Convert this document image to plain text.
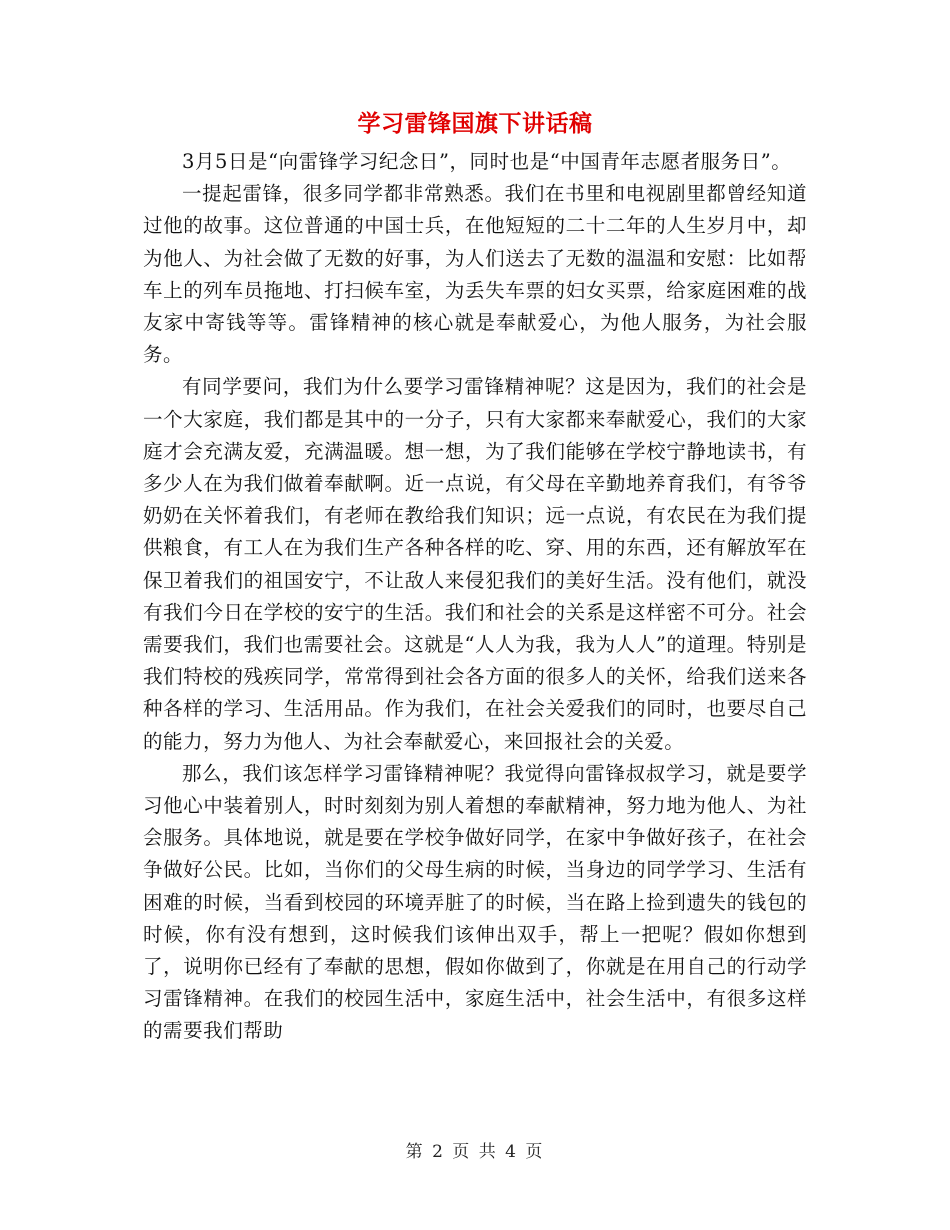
学习雷锋国旗下讲话稿

3月5日是“向雷锋学习纪念日”，同时也是“中国青年志愿者服务日”。

一提起雷锋，很多同学都非常熟悉。我们在书里和电视剧里都曾经知道过他的故事。这位普通的中国士兵，在他短短的二十二年的人生岁月中，却为他人、为社会做了无数的好事，为人们送去了无数的温温和安慰：比如帮车上的列车员拖地、打扫候车室，为丢失车票的妇女买票，给家庭困难的战友家中寄钱等等。雷锋精神的核心就是奉献爱心，为他人服务，为社会服务。

有同学要问，我们为什么要学习雷锋精神呢？这是因为，我们的社会是一个大家庭，我们都是其中的一分子，只有大家都来奉献爱心，我们的大家庭才会充满友爱，充满温暖。想一想，为了我们能够在学校宁静地读书，有多少人在为我们做着奉献啊。近一点说，有父母在辛勤地养育我们，有爷爷奶奶在关怀着我们，有老师在教给我们知识；远一点说，有农民在为我们提供粮食，有工人在为我们生产各种各样的吃、穿、用的东西，还有解放军在保卫着我们的祖国安宁，不让敌人来侵犯我们的美好生活。没有他们，就没有我们今日在学校的安宁的生活。我们和社会的关系是这样密不可分。社会需要我们，我们也需要社会。这就是“人人为我，我为人人”的道理。特别是我们特校的残疾同学，常常得到社会各方面的很多人的关怀，给我们送来各种各样的学习、生活用品。作为我们，在社会关爱我们的同时，也要尽自己的能力，努力为他人、为社会奉献爱心，来回报社会的关爱。

那么，我们该怎样学习雷锋精神呢？我觉得向雷锋叔叔学习，就是要学习他心中装着别人，时时刻刻为别人着想的奉献精神，努力地为他人、为社会服务。具体地说，就是要在学校争做好同学，在家中争做好孩子，在社会争做好公民。比如，当你们的父母生病的时候，当身边的同学学习、生活有困难的时候，当看到校园的环境弄脏了的时候，当在路上捡到遗失的钱包的时候，你有没有想到，这时候我们该伸出双手，帮上一把呢？假如你想到了，说明你已经有了奉献的思想，假如你做到了，你就是在用自己的行动学习雷锋精神。在我们的校园生活中，家庭生活中，社会生活中，有很多这样的需要我们帮助

第 2 页 共 4 页
